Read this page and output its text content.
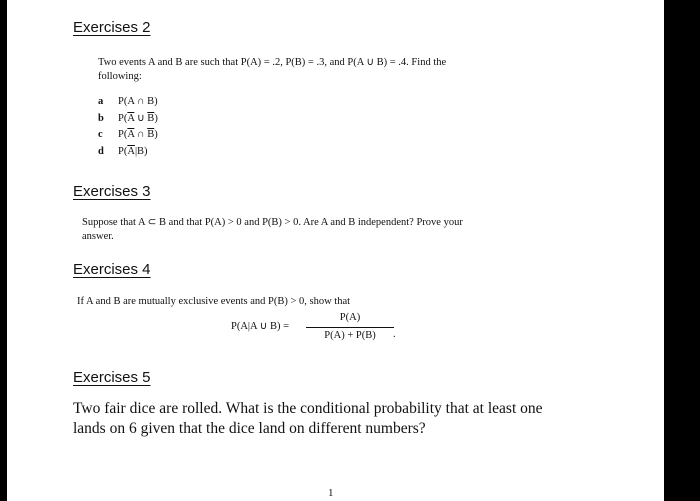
Exercises 2
Two events A and B are such that P(A) = .2, P(B) = .3, and P(A ∪ B) = .4. Find the
following:
a P(A ∩ B)
b $P(\overline{A}$ ∪ $\overline{B}$)
c $P(\overline{A}$ ∩ $\overline{B}$)
d $P(\overline{A}|B)$
Exercises 3
Suppose that A ⊂ B and that P(A) > 0 and P(B) > 0. Are A and B independent? Prove your
answer.
Exercises 4
If A and B are mutually exclusive events and P(B) > 0, show that
P(A|A ∪ B) =
P(A)
P(A) + P(B)	.
Exercises 5
Two fair dice are rolled. What is the conditional probability that at least one
lands on 6 given that the dice land on different numbers?
1
